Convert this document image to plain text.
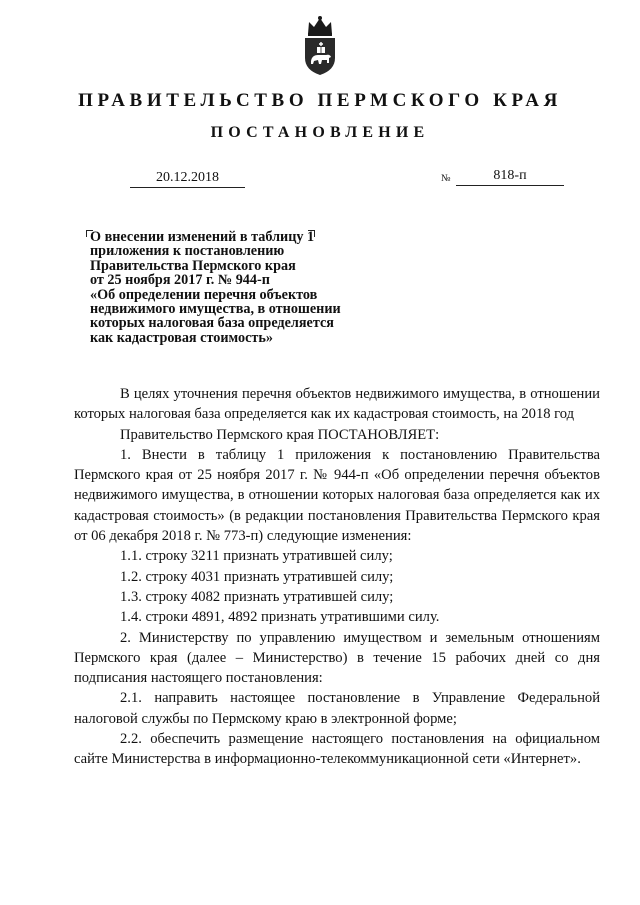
ПРАВИТЕЛЬСТВО ПЕРМСКОГО КРАЯ
ПОСТАНОВЛЕНИЕ
20.12.2018	№	818-п
О внесении изменений в таблицу 1
приложения к постановлению
Правительства Пермского края
от 25 ноября 2017 г. № 944-п
«Об определении перечня объектов
недвижимого имущества, в отношении
которых налоговая база определяется
как кадастровая стоимость»

В целях уточнения перечня объектов недвижимого имущества, в отношении которых налоговая база определяется как их кадастровая стоимость, на 2018 год

Правительство Пермского края ПОСТАНОВЛЯЕТ:

1. Внести в таблицу 1 приложения к постановлению Правительства Пермского края от 25 ноября 2017 г. № 944-п «Об определении перечня объектов недвижимого имущества, в отношении которых налоговая база определяется как их кадастровая стоимость» (в редакции постановления Правительства Пермского края от 06 декабря 2018 г. № 773-п) следующие изменения:

1.1. строку 3211 признать утратившей силу;

1.2. строку 4031 признать утратившей силу;

1.3. строку 4082 признать утратившей силу;

1.4. строки 4891, 4892 признать утратившими силу.

2. Министерству по управлению имуществом и земельным отношениям Пермского края (далее – Министерство) в течение 15 рабочих дней со дня подписания настоящего постановления:

2.1. направить настоящее постановление в Управление Федеральной налоговой службы по Пермскому краю в электронной форме;

2.2. обеспечить размещение настоящего постановления на официальном сайте Министерства в информационно-телекоммуникационной сети «Интернет».
